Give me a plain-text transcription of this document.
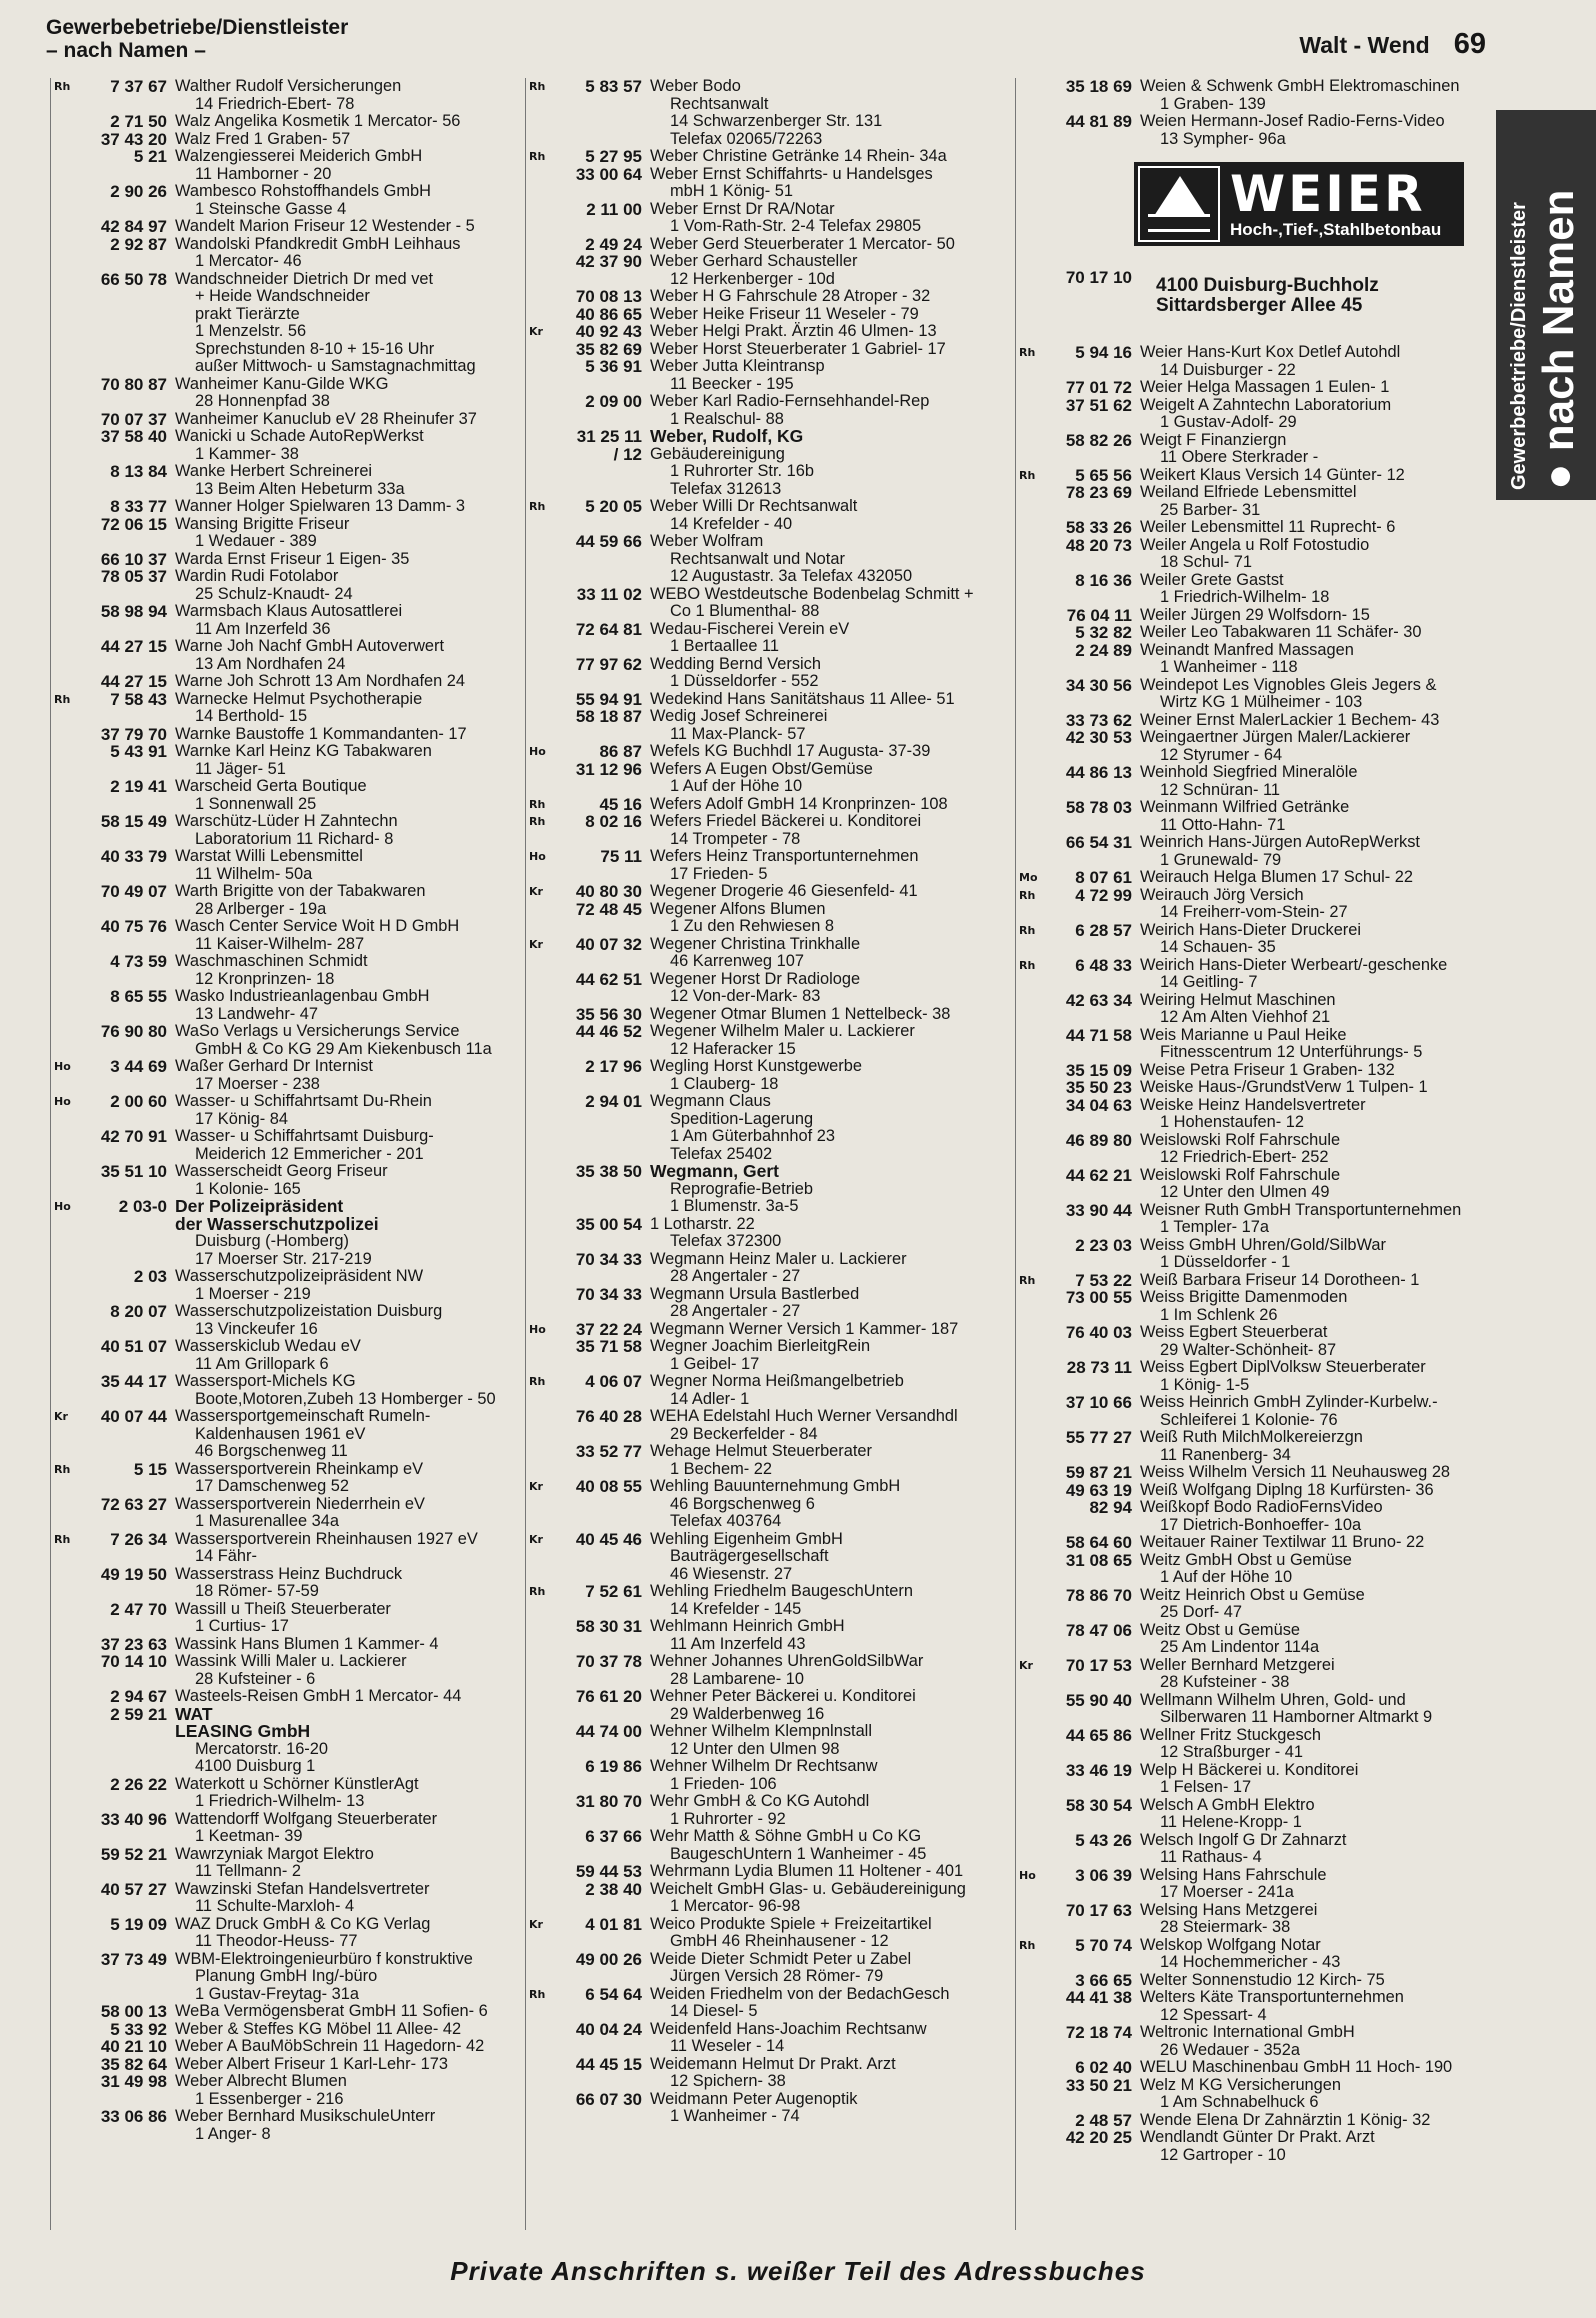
Gewerbebetriebe/Dienstleister
– nach Namen –	Walt - Wend 69
Rh	7 37 67 Walther Rudolf Versicherungen
14 Friedrich-Ebert- 78
2 71 50 Walz Angelika Kosmetik 1 Mercator- 56
37 43 20 Walz Fred 1 Graben- 57
5 21 Walzengiesserei Meiderich GmbH
11 Hamborner - 20
2 90 26 Wambesco Rohstoffhandels GmbH
1 Steinsche Gasse 4
42 84 97 Wandelt Marion Friseur 12 Westender - 5
2 92 87 Wandolski Pfandkredit GmbH Leihhaus
1 Mercator- 46
66 50 78 Wandschneider Dietrich Dr med vet
+ Heide Wandschneider
prakt Tierärzte
1 Menzelstr. 56
Sprechstunden 8-10 + 15-16 Uhr
außer Mittwoch- u Samstagnachmittag
70 80 87 Wanheimer Kanu-Gilde WKG
28 Honnenpfad 38
70 07 37 Wanheimer Kanuclub eV 28 Rheinufer 37
37 58 40 Wanicki u Schade AutoRepWerkst
1 Kammer- 38
8 13 84 Wanke Herbert Schreinerei
13 Beim Alten Hebeturm 33a
8 33 77 Wanner Holger Spielwaren 13 Damm- 3
72 06 15 Wansing Brigitte Friseur
1 Wedauer - 389
66 10 37 Warda Ernst Friseur 1 Eigen- 35
78 05 37 Wardin Rudi Fotolabor
25 Schulz-Knaudt- 24
58 98 94 Warmsbach Klaus Autosattlerei
11 Am Inzerfeld 36
44 27 15 Warne Joh Nachf GmbH Autoverwert
13 Am Nordhafen 24
44 27 15 Warne Joh Schrott 13 Am Nordhafen 24
Rh	7 58 43 Warnecke Helmut Psychotherapie
14 Berthold- 15
37 79 70 Warnke Baustoffe 1 Kommandanten- 17
5 43 91 Warnke Karl Heinz KG Tabakwaren
11 Jäger- 51
2 19 41 Warscheid Gerta Boutique
1 Sonnenwall 25
58 15 49 Warschütz-Lüder H Zahntechn
Laboratorium 11 Richard- 8
40 33 79 Warstat Willi Lebensmittel
11 Wilhelm- 50a
70 49 07 Warth Brigitte von der Tabakwaren
28 Arlberger - 19a
40 75 76 Wasch Center Service Woit H D GmbH
11 Kaiser-Wilhelm- 287
4 73 59 Waschmaschinen Schmidt
12 Kronprinzen- 18
8 65 55 Wasko Industrieanlagenbau GmbH
13 Landwehr- 47
76 90 80 WaSo Verlags u Versicherungs Service
GmbH & Co KG 29 Am Kiekenbusch 11a
Ho	3 44 69 Waßer Gerhard Dr Internist
17 Moerser - 238
Ho	2 00 60 Wasser- u Schiffahrtsamt Du-Rhein
17 König- 84
42 70 91 Wasser- u Schiffahrtsamt Duisburg-
Meiderich 12 Emmericher - 201
35 51 10 Wasserscheidt Georg Friseur
1 Kolonie- 165
Ho	2 03-0 Der Polizeipräsident
der Wasserschutzpolizei
Duisburg (-Homberg)
17 Moerser Str. 217-219
2 03 Wasserschutzpolizeipräsident NW
1 Moerser - 219
8 20 07 Wasserschutzpolizeistation Duisburg
13 Vinckeufer 16
40 51 07 Wasserskiclub Wedau eV
11 Am Grillopark 6
35 44 17 Wassersport-Michels KG
Boote,Motoren,Zubeh 13 Homberger - 50
Kr	40 07 44 Wassersportgemeinschaft Rumeln-
Kaldenhausen 1961 eV
46 Borgschenweg 11
Rh	5 15 Wassersportverein Rheinkamp eV
17 Damschenweg 52
72 63 27 Wassersportverein Niederrhein eV
1 Masurenallee 34a
Rh	7 26 34 Wassersportverein Rheinhausen 1927 eV
14 Fähr-
49 19 50 Wasserstrass Heinz Buchdruck
18 Römer- 57-59
2 47 70 Wassill u Theiß Steuerberater
1 Curtius- 17
37 23 63 Wassink Hans Blumen 1 Kammer- 4
70 14 10 Wassink Willi Maler u. Lackierer
28 Kufsteiner - 6
2 94 67 Wasteels-Reisen GmbH 1 Mercator- 44
2 59 21 WAT
LEASING GmbH
Mercatorstr. 16-20
4100 Duisburg 1
2 26 22 Waterkott u Schörner KünstlerAgt
1 Friedrich-Wilhelm- 13
33 40 96 Wattendorff Wolfgang Steuerberater
1 Keetman- 39
59 52 21 Wawrzyniak Margot Elektro
11 Tellmann- 2
40 57 27 Wawzinski Stefan Handelsvertreter
11 Schulte-Marxloh- 4
5 19 09 WAZ Druck GmbH & Co KG Verlag
11 Theodor-Heuss- 77
37 73 49 WBM-Elektroingenieurbüro f konstruktive
Planung GmbH Ing/-büro
1 Gustav-Freytag- 31a
58 00 13 WeBa Vermögensberat GmbH 11 Sofien- 6
5 33 92 Weber & Steffes KG Möbel 11 Allee- 42
40 21 10 Weber A BauMöbSchrein 11 Hagedorn- 42
35 82 64 Weber Albert Friseur 1 Karl-Lehr- 173
31 49 98 Weber Albrecht Blumen
1 Essenberger - 216
33 06 86 Weber Bernhard MusikschuleUnterr
1 Anger- 8
Rh	5 83 57 Weber Bodo
Rechtsanwalt
14 Schwarzenberger Str. 131
Telefax 02065/72263
Rh	5 27 95 Weber Christine Getränke 14 Rhein- 34a
33 00 64 Weber Ernst Schiffahrts- u Handelsges
mbH 1 König- 51
2 11 00 Weber Ernst Dr RA/Notar
1 Vom-Rath-Str. 2-4 Telefax 29805
2 49 24 Weber Gerd Steuerberater 1 Mercator- 50
42 37 90 Weber Gerhard Schausteller
12 Herkenberger - 10d
70 08 13 Weber H G Fahrschule 28 Atroper - 32
40 86 65 Weber Heike Friseur 11 Weseler - 79
Kr	40 92 43 Weber Helgi Prakt. Ärztin 46 Ulmen- 13
35 82 69 Weber Horst Steuerberater 1 Gabriel- 17
5 36 91 Weber Jutta Kleintransp
11 Beecker - 195
2 09 00 Weber Karl Radio-Fernsehhandel-Rep
1 Realschul- 88
31 25 11 Weber, Rudolf, KG
/ 12 Gebäudereinigung
1 Ruhrorter Str. 16b
Telefax 312613
Rh	5 20 05 Weber Willi Dr Rechtsanwalt
14 Krefelder - 40
44 59 66 Weber Wolfram
Rechtsanwalt und Notar
12 Augustastr. 3a Telefax 432050
33 11 02 WEBO Westdeutsche Bodenbelag Schmitt +
Co 1 Blumenthal- 88
72 64 81 Wedau-Fischerei Verein eV
1 Bertaallee 11
77 97 62 Wedding Bernd Versich
1 Düsseldorfer - 552
55 94 91 Wedekind Hans Sanitätshaus 11 Allee- 51
58 18 87 Wedig Josef Schreinerei
11 Max-Planck- 57
Ho	86 87 Wefels KG Buchhdl 17 Augusta- 37-39
31 12 96 Wefers A Eugen Obst/Gemüse
1 Auf der Höhe 10
Rh	45 16 Wefers Adolf GmbH 14 Kronprinzen- 108
Rh	8 02 16 Wefers Friedel Bäckerei u. Konditorei
14 Trompeter - 78
Ho	75 11 Wefers Heinz Transportunternehmen
17 Frieden- 5
Kr	40 80 30 Wegener Drogerie 46 Giesenfeld- 41
72 48 45 Wegener Alfons Blumen
1 Zu den Rehwiesen 8
Kr	40 07 32 Wegener Christina Trinkhalle
46 Karrenweg 107
44 62 51 Wegener Horst Dr Radiologe
12 Von-der-Mark- 83
35 56 30 Wegener Otmar Blumen 1 Nettelbeck- 38
44 46 52 Wegener Wilhelm Maler u. Lackierer
12 Haferacker 15
2 17 96 Wegling Horst Kunstgewerbe
1 Clauberg- 18
2 94 01 Wegmann Claus
Spedition-Lagerung
1 Am Güterbahnhof 23
Telefax 25402
35 38 50 Wegmann, Gert
Reprografie-Betrieb
1 Blumenstr. 3a-5
35 00 54 1 Lotharstr. 22
Telefax 372300
70 34 33 Wegmann Heinz Maler u. Lackierer
28 Angertaler - 27
70 34 33 Wegmann Ursula Bastlerbed
28 Angertaler - 27
Ho	37 22 24 Wegmann Werner Versich 1 Kammer- 187
35 71 58 Wegner Joachim BierleitgRein
1 Geibel- 17
Rh	4 06 07 Wegner Norma Heißmangelbetrieb
14 Adler- 1
76 40 28 WEHA Edelstahl Huch Werner Versandhdl
29 Beckerfelder - 84
33 52 77 Wehage Helmut Steuerberater
1 Bechem- 22
Kr	40 08 55 Wehling Bauunternehmung GmbH
46 Borgschenweg 6
Telefax 403764
Kr	40 45 46 Wehling Eigenheim GmbH
Bauträgergesellschaft
46 Wiesenstr. 27
Rh	7 52 61 Wehling Friedhelm BaugeschUntern
14 Krefelder - 145
58 30 31 Wehlmann Heinrich GmbH
11 Am Inzerfeld 43
70 37 78 Wehner Johannes UhrenGoldSilbWar
28 Lambarene- 10
76 61 20 Wehner Peter Bäckerei u. Konditorei
29 Walderbenweg 16
44 74 00 Wehner Wilhelm Klempnlnstall
12 Unter den Ulmen 98
6 19 86 Wehner Wilhelm Dr Rechtsanw
1 Frieden- 106
31 80 70 Wehr GmbH & Co KG Autohdl
1 Ruhrorter - 92
6 37 66 Wehr Matth & Söhne GmbH u Co KG
BaugeschUntern 1 Wanheimer - 45
59 44 53 Wehrmann Lydia Blumen 11 Holtener - 401
2 38 40 Weichelt GmbH Glas- u. Gebäudereinigung
1 Mercator- 96-98
Kr	4 01 81 Weico Produkte Spiele + Freizeitartikel
GmbH 46 Rheinhausener - 12
49 00 26 Weide Dieter Schmidt Peter u Zabel
Jürgen Versich 28 Römer- 79
Rh	6 54 64 Weiden Friedhelm von der BedachGesch
14 Diesel- 5
40 04 24 Weidenfeld Hans-Joachim Rechtsanw
11 Weseler - 14
44 45 15 Weidemann Helmut Dr Prakt. Arzt
12 Spichern- 38
66 07 30 Weidmann Peter Augenoptik
1 Wanheimer - 74
35 18 69 Weien & Schwenk GmbH Elektromaschinen
1 Graben- 139
44 81 89 Weien Hermann-Josef Radio-Ferns-Video
13 Sympher- 96a
WEIER
Hoch-,Tief-,Stahlbetonbau
70 17 10 4100 Duisburg-Buchholz
Sittardsberger Allee 45
Rh	5 94 16 Weier Hans-Kurt Kox Detlef Autohdl
14 Duisburger - 22
77 01 72 Weier Helga Massagen 1 Eulen- 1
37 51 62 Weigelt A Zahntechn Laboratorium
1 Gustav-Adolf- 29
58 82 26 Weigt F Finanziergn
11 Obere Sterkrader -
Rh	5 65 56 Weikert Klaus Versich 14 Günter- 12
78 23 69 Weiland Elfriede Lebensmittel
25 Barber- 31
58 33 26 Weiler Lebensmittel 11 Ruprecht- 6
48 20 73 Weiler Angela u Rolf Fotostudio
18 Schul- 71
8 16 36 Weiler Grete Gastst
1 Friedrich-Wilhelm- 18
76 04 11 Weiler Jürgen 29 Wolfsdorn- 15
5 32 82 Weiler Leo Tabakwaren 11 Schäfer- 30
2 24 89 Weinandt Manfred Massagen
1 Wanheimer - 118
34 30 56 Weindepot Les Vignobles Gleis Jegers &
Wirtz KG 1 Mülheimer - 103
33 73 62 Weiner Ernst MalerLackier 1 Bechem- 43
42 30 53 Weingaertner Jürgen Maler/Lackierer
12 Styrumer - 64
44 86 13 Weinhold Siegfried Mineralöle
12 Schnüran- 11
58 78 03 Weinmann Wilfried Getränke
11 Otto-Hahn- 71
66 54 31 Weinrich Hans-Jürgen AutoRepWerkst
1 Grunewald- 79
Mo	8 07 61 Weirauch Helga Blumen 17 Schul- 22
Rh	4 72 99 Weirauch Jörg Versich
14 Freiherr-vom-Stein- 27
Rh	6 28 57 Weirich Hans-Dieter Druckerei
14 Schauen- 35
Rh	6 48 33 Weirich Hans-Dieter Werbeart/-geschenke
14 Geitling- 7
42 63 34 Weiring Helmut Maschinen
12 Am Alten Viehhof 21
44 71 58 Weis Marianne u Paul Heike
Fitnesscentrum 12 Unterführungs- 5
35 15 09 Weise Petra Friseur 1 Graben- 132
35 50 23 Weiske Haus-/GrundstVerw 1 Tulpen- 1
34 04 63 Weiske Heinz Handelsvertreter
1 Hohenstaufen- 12
46 89 80 Weislowski Rolf Fahrschule
12 Friedrich-Ebert- 252
44 62 21 Weislowski Rolf Fahrschule
12 Unter den Ulmen 49
33 90 44 Weisner Ruth GmbH Transportunternehmen
1 Templer- 17a
2 23 03 Weiss GmbH Uhren/Gold/SilbWar
1 Düsseldorfer - 1
Rh	7 53 22 Weiß Barbara Friseur 14 Dorotheen- 1
73 00 55 Weiss Brigitte Damenmoden
1 Im Schlenk 26
76 40 03 Weiss Egbert Steuerberat
29 Walter-Schönheit- 87
28 73 11 Weiss Egbert DiplVolksw Steuerberater
1 König- 1-5
37 10 66 Weiss Heinrich GmbH Zylinder-Kurbelw.-
Schleiferei 1 Kolonie- 76
55 77 27 Weiß Ruth MilchMolkereierzgn
11 Ranenberg- 34
59 87 21 Weiss Wilhelm Versich 11 Neuhausweg 28
49 63 19 Weiß Wolfgang Diplng 18 Kurfürsten- 36
82 94 Weißkopf Bodo RadioFernsVideo
17 Dietrich-Bonhoeffer- 10a
58 64 60 Weitauer Rainer Textilwar 11 Bruno- 22
31 08 65 Weitz GmbH Obst u Gemüse
1 Auf der Höhe 10
78 86 70 Weitz Heinrich Obst u Gemüse
25 Dorf- 47
78 47 06 Weitz Obst u Gemüse
25 Am Lindentor 114a
Kr	70 17 53 Weller Bernhard Metzgerei
28 Kufsteiner - 38
55 90 40 Wellmann Wilhelm Uhren, Gold- und
Silberwaren 11 Hamborner Altmarkt 9
44 65 86 Wellner Fritz Stuckgesch
12 Straßburger - 41
33 46 19 Welp H Bäckerei u. Konditorei
1 Felsen- 17
58 30 54 Welsch A GmbH Elektro
11 Helene-Kropp- 1
5 43 26 Welsch Ingolf G Dr Zahnarzt
11 Rathaus- 4
Ho	3 06 39 Welsing Hans Fahrschule
17 Moerser - 241a
70 17 63 Welsing Hans Metzgerei
28 Steiermark- 38
Rh	5 70 74 Welskop Wolfgang Notar
14 Hochemmericher - 43
3 66 65 Welter Sonnenstudio 12 Kirch- 75
44 41 38 Welters Käte Transportunternehmen
12 Spessart- 4
72 18 74 Weltronic International GmbH
26 Wedauer - 352a
6 02 40 WELU Maschinenbau GmbH 11 Hoch- 190
33 50 21 Welz M KG Versicherungen
1 Am Schnabelhuck 6
2 48 57 Wende Elena Dr Zahnärztin 1 König- 32
42 20 25 Wendlandt Günter Dr Prakt. Arzt
12 Gartroper - 10
Gewerbebetriebe/Dienstleister ● nach Namen
Private Anschriften s. weißer Teil des Adressbuches
